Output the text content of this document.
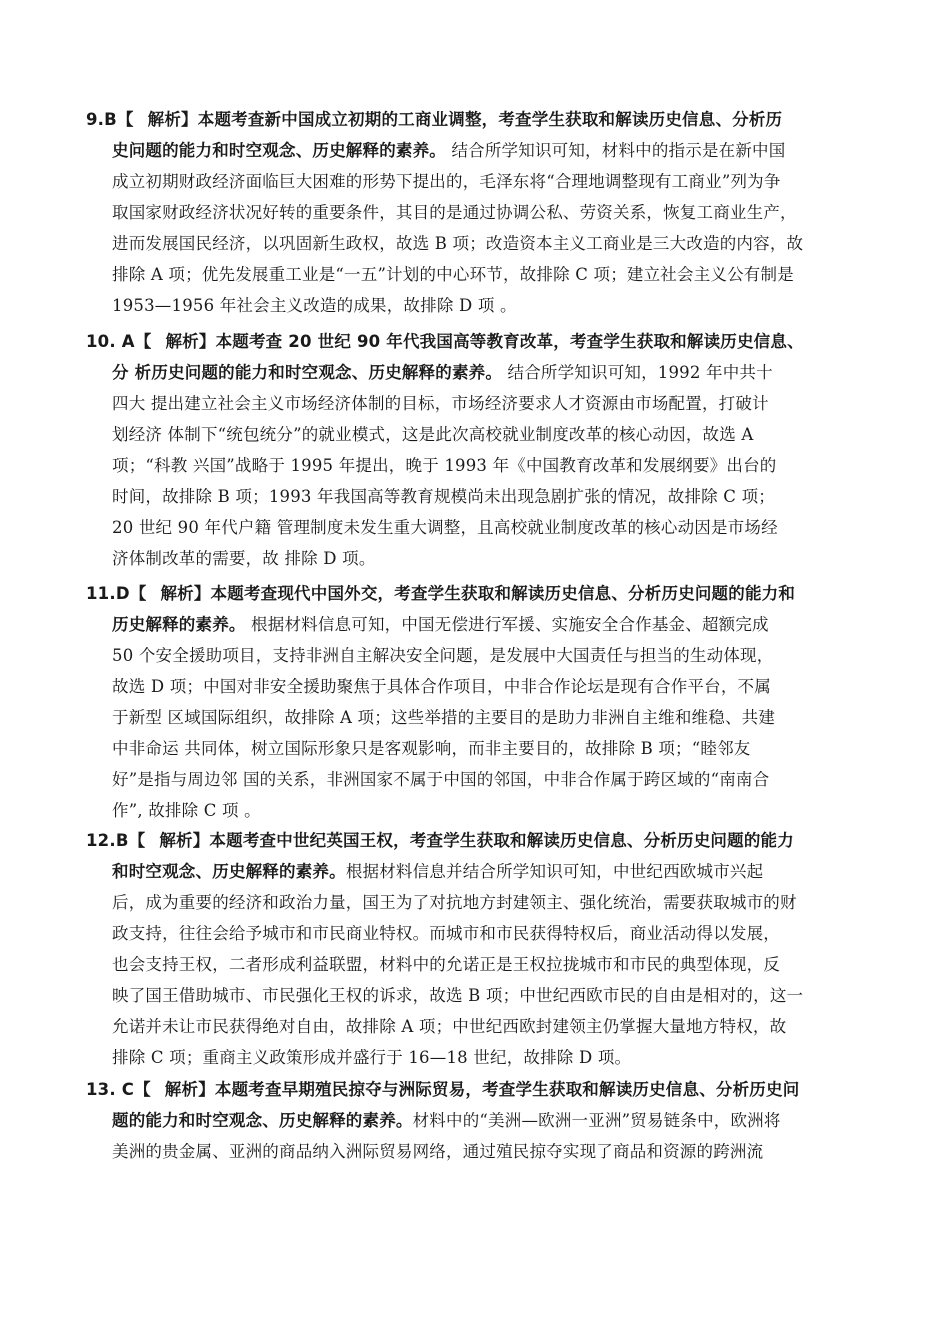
9.B【 解析】本题考查新中国成立初期的工商业调整，考查学生获取和解读历史信息、分析历
史问题的能力和时空观念、历史解释的素养。 结合所学知识可知，材料中的指示是在新中国
成立初期财政经济面临巨大困难的形势下提出的，毛泽东将“合理地调整现有工商业”列为争
取国家财政经济状况好转的重要条件，其目的是通过协调公私、劳资关系，恢复工商业生产，
进而发展国民经济，以巩固新生政权，故选 B 项；改造资本主义工商业是三大改造的内容，故
排除 A 项；优先发展重工业是“一五”计划的中心环节，故排除 C 项；建立社会主义公有制是
1953—1956 年社会主义改造的成果，故排除 D 项 。
10. A【 解析】本题考查 20 世纪 90 年代我国高等教育改革，考查学生获取和解读历史信息、
分 析历史问题的能力和时空观念、历史解释的素养。 结合所学知识可知，1992 年中共十
四大 提出建立社会主义市场经济体制的目标，市场经济要求人才资源由市场配置，打破计
划经济 体制下“统包统分”的就业模式，这是此次高校就业制度改革的核心动因，故选 A
项；“科教 兴国”战略于 1995 年提出，晚于 1993 年《中国教育改革和发展纲要》出台的
时间，故排除 B 项；1993 年我国高等教育规模尚未出现急剧扩张的情况，故排除 C 项；
20 世纪 90 年代户籍 管理制度未发生重大调整，且高校就业制度改革的核心动因是市场经
济体制改革的需要，故 排除 D 项。
11.D【 解析】本题考查现代中国外交，考查学生获取和解读历史信息、分析历史问题的能力和
历史解释的素养。 根据材料信息可知，中国无偿进行军援、实施安全合作基金、超额完成
50 个安全援助项目，支持非洲自主解决安全问题，是发展中大国责任与担当的生动体现，
故选 D 项；中国对非安全援助聚焦于具体合作项目，中非合作论坛是现有合作平台，不属
于新型 区域国际组织，故排除 A 项；这些举措的主要目的是助力非洲自主维和维稳、共建
中非命运 共同体，树立国际形象只是客观影响，而非主要目的，故排除 B 项；“睦邻友
好”是指与周边邻 国的关系，非洲国家不属于中国的邻国，中非合作属于跨区域的“南南合
作”, 故排除 C 项 。
12.B【 解析】本题考查中世纪英国王权，考查学生获取和解读历史信息、分析历史问题的能力
和时空观念、历史解释的素养。根据材料信息并结合所学知识可知，中世纪西欧城市兴起
后，成为重要的经济和政治力量，国王为了对抗地方封建领主、强化统治，需要获取城市的财
政支持，往往会给予城市和市民商业特权。而城市和市民获得特权后，商业活动得以发展，
也会支持王权，二者形成利益联盟，材料中的允诺正是王权拉拢城市和市民的典型体现，反
映了国王借助城市、市民强化王权的诉求，故选 B 项；中世纪西欧市民的自由是相对的，这一
允诺并未让市民获得绝对自由，故排除 A 项；中世纪西欧封建领主仍掌握大量地方特权，故
排除 C 项；重商主义政策形成并盛行于 16—18 世纪，故排除 D 项。
13. C【 解析】本题考查早期殖民掠夺与洲际贸易，考查学生获取和解读历史信息、分析历史问
题的能力和时空观念、历史解释的素养。材料中的“美洲—欧洲一亚洲”贸易链条中，欧洲将
美洲的贵金属、亚洲的商品纳入洲际贸易网络，通过殖民掠夺实现了商品和资源的跨洲流
